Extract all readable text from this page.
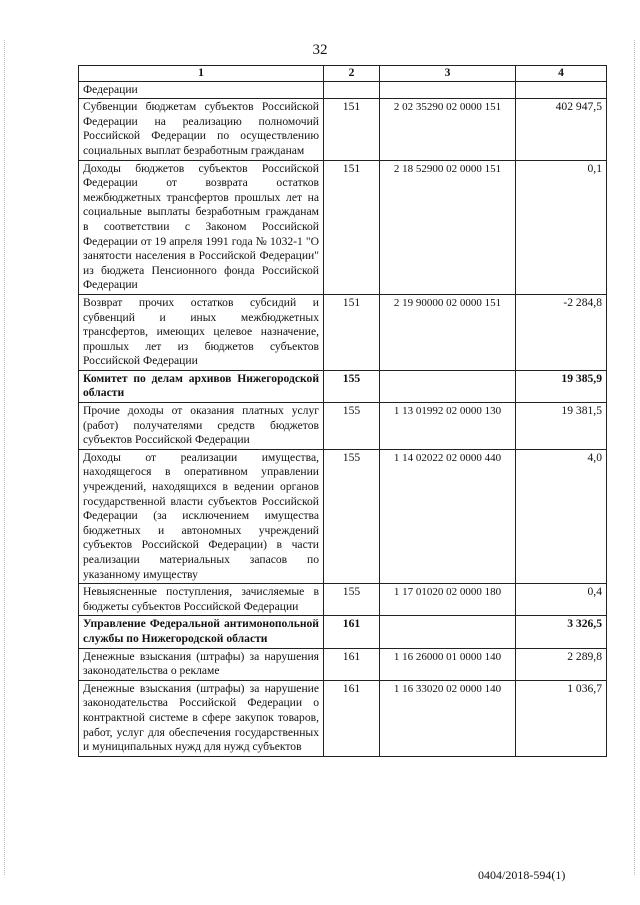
32
1	2	3	4
Федерации			
Субвенции бюджетам субъектов Российской Федерации на реализацию полномочий Российской Федерации по осуществлению социальных выплат безработным гражданам	151	2 02 35290 02 0000 151	402 947,5
Доходы бюджетов субъектов Российской Федерации от возврата остатков межбюджетных трансфертов прошлых лет на социальные выплаты безработным гражданам в соответствии с Законом Российской Федерации от 19 апреля 1991 года № 1032-1 "О занятости населения в Российской Федерации" из бюджета Пенсионного фонда Российской Федерации	151	2 18 52900 02 0000 151	0,1
Возврат прочих остатков субсидий и субвенций и иных межбюджетных трансфертов, имеющих целевое назначение, прошлых лет из бюджетов субъектов Российской Федерации	151	2 19 90000 02 0000 151	-2 284,8
Комитет по делам архивов Нижегородской области	155		19 385,9
Прочие доходы от оказания платных услуг (работ) получателями средств бюджетов субъектов Российской Федерации	155	1 13 01992 02 0000 130	19 381,5
Доходы от реализации имущества, находящегося в оперативном управлении учреждений, находящихся в ведении органов государственной власти субъектов Российской Федерации (за исключением имущества бюджетных и автономных учреждений субъектов Российской Федерации) в части реализации материальных запасов по указанному имуществу	155	1 14 02022 02 0000 440	4,0
Невыясненные поступления, зачисляемые в бюджеты субъектов Российской Федерации	155	1 17 01020 02 0000 180	0,4
Управление Федеральной антимонопольной службы по Нижегородской области	161		3 326,5
Денежные взыскания (штрафы) за нарушения законодательства о рекламе	161	1 16 26000 01 0000 140	2 289,8
Денежные взыскания (штрафы) за нарушение законодательства Российской Федерации о контрактной системе в сфере закупок товаров, работ, услуг для обеспечения государственных и муниципальных нужд для нужд субъектов	161	1 16 33020 02 0000 140	1 036,7
0404/2018-594(1)
